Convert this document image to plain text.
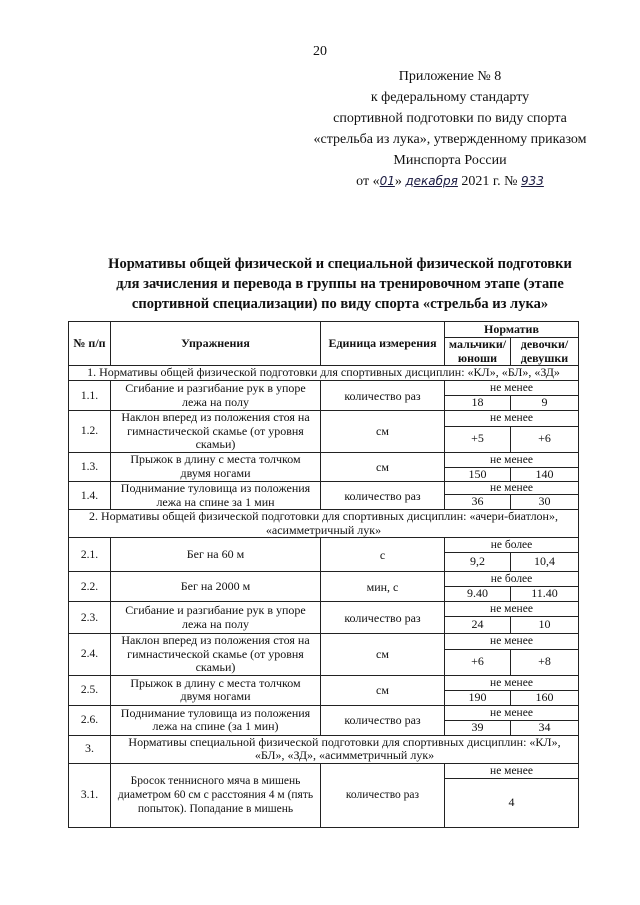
20
Приложение № 8
к федеральному стандарту
спортивной подготовки по виду спорта
«стрельба из лука», утвержденному приказом
Минспорта России
от «01» декабря 2021 г. № 933
Нормативы общей физической и специальной физической подготовки
для зачисления и перевода в группы на тренировочном этапе (этапе
спортивной специализации) по виду спорта «стрельба из лука»
№ п/п	Упражнения	Единица измерения	Норматив	
			мальчики/ юноши	девочки/ девушки
1. Нормативы общей физической подготовки для спортивных дисциплин: «КЛ», «БЛ», «ЗД»				
1.1.	Сгибание и разгибание рук в упоре лежа на полу	количество раз	не менее	
			18	9
1.2.	Наклон вперед из положения стоя на гимнастической скамье (от уровня скамьи)	см	не менее	
			+5	+6
1.3.	Прыжок в длину с места толчком двумя ногами	см	не менее	
			150	140
1.4.	Поднимание туловища из положения лежа на спине за 1 мин	количество раз	не менее	
			36	30
2. Нормативы общей физической подготовки для спортивных дисциплин: «ачери-биатлон», «асимметричный лук»				
2.1.	Бег на 60 м	с	не более	
			9,2	10,4
2.2.	Бег на 2000 м	мин, с	не более	
			9.40	11.40
2.3.	Сгибание и разгибание рук в упоре лежа на полу	количество раз	не менее	
			24	10
2.4.	Наклон вперед из положения стоя на гимнастической скамье (от уровня скамьи)	см	не менее	
			+6	+8
2.5.	Прыжок в длину с места толчком двумя ногами	см	не менее	
			190	160
2.6.	Поднимание туловища из положения лежа на спине (за 1 мин)	количество раз	не менее	
			39	34
3.	Нормативы специальной физической подготовки для спортивных дисциплин: «КЛ», «БЛ», «ЗД», «асимметричный лук»			
3.1.	Бросок теннисного мяча в мишень диаметром 60 см с расстояния 4 м (пять попыток). Попадание в мишень	количество раз	не менее	
			4	
